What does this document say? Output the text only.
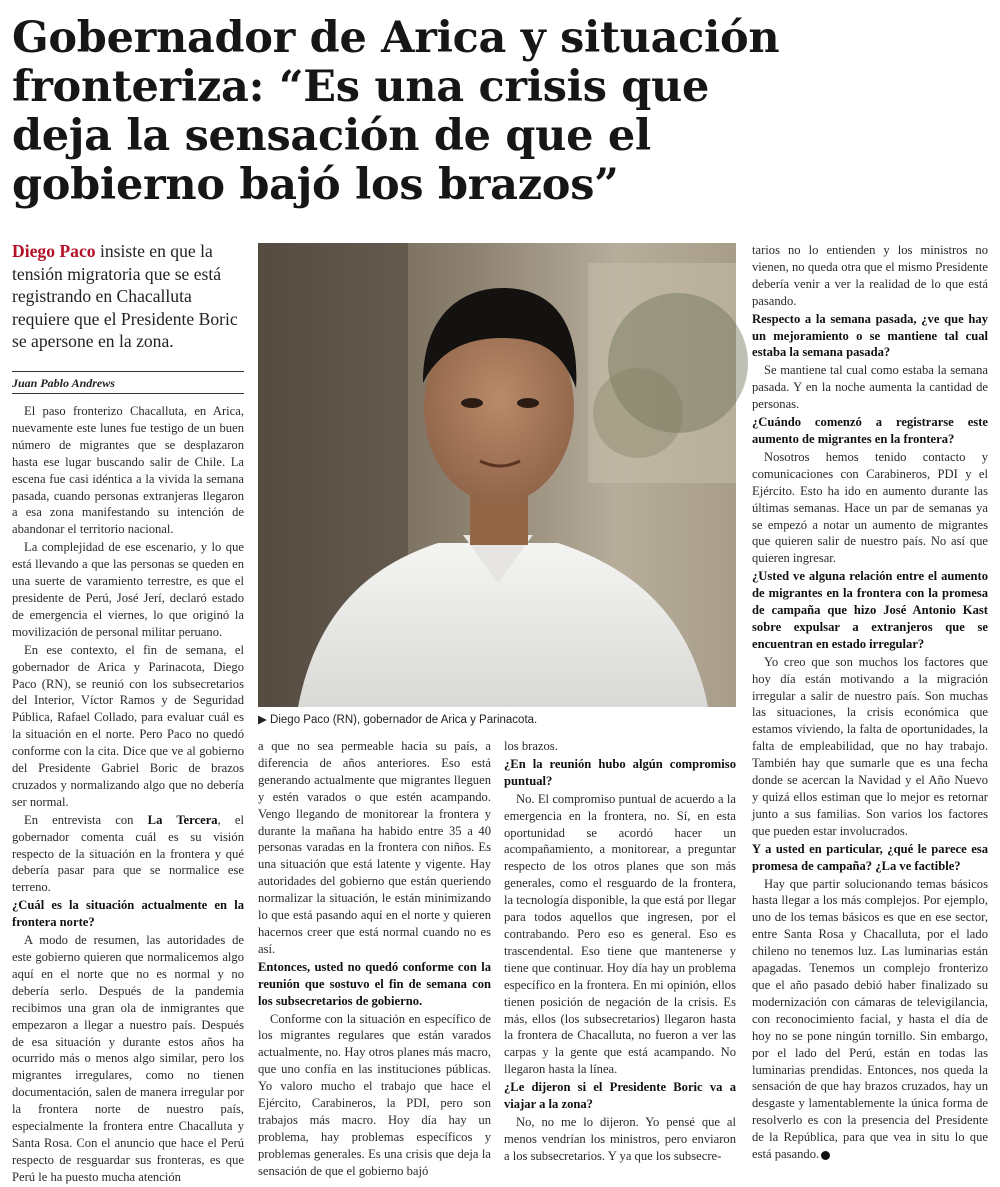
Gobernador de Arica y situación
fronteriza: “Es una crisis que
deja la sensación de que el
gobierno bajó los brazos”
Diego Paco insiste en que la tensión migratoria que se está registrando en Chacalluta requiere que el Presidente Boric se apersone en la zona.
Juan Pablo Andrews

El paso fronterizo Chacalluta, en Arica, nuevamente este lunes fue testigo de un buen número de migrantes que se desplazaron hasta ese lugar buscando salir de Chile. La escena fue casi idéntica a la vivida la semana pasada, cuando personas extranjeras llegaron a esa zona manifestando su intención de abandonar el territorio nacional.

La complejidad de ese escenario, y lo que está llevando a que las personas se queden en una suerte de varamiento terrestre, es que el presidente de Perú, José Jerí, declaró estado de emergencia el viernes, lo que originó la movilización de personal militar peruano.

En ese contexto, el fin de semana, el gobernador de Arica y Parinacota, Diego Paco (RN), se reunió con los subsecretarios del Interior, Víctor Ramos y de Seguridad Pública, Rafael Collado, para evaluar cuál es la situación en el norte. Pero Paco no quedó conforme con la cita. Dice que ve al gobierno del Presidente Gabriel Boric de brazos cruzados y normalizando algo que no debería ser normal.

En entrevista con La Tercera, el gobernador comenta cuál es su visión respecto de la situación en la frontera y qué debería pasar para que se normalice ese terreno.

¿Cuál es la situación actualmente en la frontera norte?

A modo de resumen, las autoridades de este gobierno quieren que normalicemos algo aquí en el norte que no es normal y no debería serlo. Después de la pandemia recibimos una gran ola de inmigrantes que empezaron a llegar a nuestro país. Después de esa situación y durante estos años ha ocurrido más o menos algo similar, pero los migrantes irregulares, como no tienen documentación, salen de manera irregular por la frontera norte de nuestro país, especialmente la frontera entre Chacalluta y Santa Rosa. Con el anuncio que hace el Perú respecto de resguardar sus fronteras, es que Perú le ha puesto mucha atención

▶ Diego Paco (RN), gobernador de Arica y Parinacota.

a que no sea permeable hacia su país, a diferencia de años anteriores. Eso está generando actualmente que migrantes lleguen y estén varados o que estén acampando. Vengo llegando de monitorear la frontera y durante la mañana ha habido entre 35 a 40 personas varadas en la frontera con niños. Es una situación que está latente y vigente. Hay autoridades del gobierno que están queriendo normalizar la situación, le están minimizando lo que está pasando aquí en el norte y quieren hacernos creer que está normal cuando no es así.

Entonces, usted no quedó conforme con la reunión que sostuvo el fin de semana con los subsecretarios de gobierno.

Conforme con la situación en específico de los migrantes regulares que están varados actualmente, no. Hay otros planes más macro, que uno confía en las instituciones públicas. Yo valoro mucho el trabajo que hace el Ejército, Carabineros, la PDI, pero son trabajos más macro. Hoy día hay un problema, hay problemas específicos y problemas generales. Es una crisis que deja la sensación de que el gobierno bajó

los brazos.

¿En la reunión hubo algún compromiso puntual?

No. El compromiso puntual de acuerdo a la emergencia en la frontera, no. Sí, en esta oportunidad se acordó hacer un acompañamiento, a monitorear, a preguntar respecto de los otros planes que son más generales, como el resguardo de la frontera, la tecnología disponible, la que está por llegar para todos aquellos que ingresen, por el contrabando. Pero eso es general. Eso es trascendental. Eso tiene que mantenerse y tiene que continuar. Hoy día hay un problema específico en la frontera. En mi opinión, ellos tienen posición de negación de la crisis. Es más, ellos (los subsecretarios) llegaron hasta la frontera de Chacalluta, no fueron a ver las carpas y la gente que está acampando. No llegaron hasta la línea.

¿Le dijeron si el Presidente Boric va a viajar a la zona?

No, no me lo dijeron. Yo pensé que al menos vendrían los ministros, pero enviaron a los subsecretarios. Y ya que los subsecre-

tarios no lo entienden y los ministros no vienen, no queda otra que el mismo Presidente debería venir a ver la realidad de lo que está pasando.

Respecto a la semana pasada, ¿ve que hay un mejoramiento o se mantiene tal cual estaba la semana pasada?

Se mantiene tal cual como estaba la semana pasada. Y en la noche aumenta la cantidad de personas.

¿Cuándo comenzó a registrarse este aumento de migrantes en la frontera?

Nosotros hemos tenido contacto y comunicaciones con Carabineros, PDI y el Ejército. Esto ha ido en aumento durante las últimas semanas. Hace un par de semanas ya se empezó a notar un aumento de migrantes que quieren salir de nuestro país. No así que quieren ingresar.

¿Usted ve alguna relación entre el aumento de migrantes en la frontera con la promesa de campaña que hizo José Antonio Kast sobre expulsar a extranjeros que se encuentran en estado irregular?

Yo creo que son muchos los factores que hoy día están motivando a la migración irregular a salir de nuestro país. Son muchas las situaciones, la crisis económica que estamos viviendo, la falta de oportunidades, la falta de empleabilidad, que no hay trabajo. También hay que sumarle que es una fecha donde se acercan la Navidad y el Año Nuevo y quizá ellos estiman que lo mejor es retornar junto a sus familias. Son varios los factores que pueden estar involucrados.

Y a usted en particular, ¿qué le parece esa promesa de campaña? ¿La ve factible?

Hay que partir solucionando temas básicos hasta llegar a los más complejos. Por ejemplo, uno de los temas básicos es que en ese sector, entre Santa Rosa y Chacalluta, por el lado chileno no tenemos luz. Las luminarias están apagadas. Tenemos un complejo fronterizo que el año pasado debió haber finalizado su modernización con cámaras de televigilancia, con reconocimiento facial, y hasta el día de hoy no se pone ningún tornillo. Sin embargo, por el lado del Perú, están en todas las luminarias prendidas. Entonces, nos queda la sensación de que hay brazos cruzados, hay un desgaste y lamentablemente la única forma de resolverlo es con la presencia del Presidente de la República, para que vea in situ lo que está pasando.
